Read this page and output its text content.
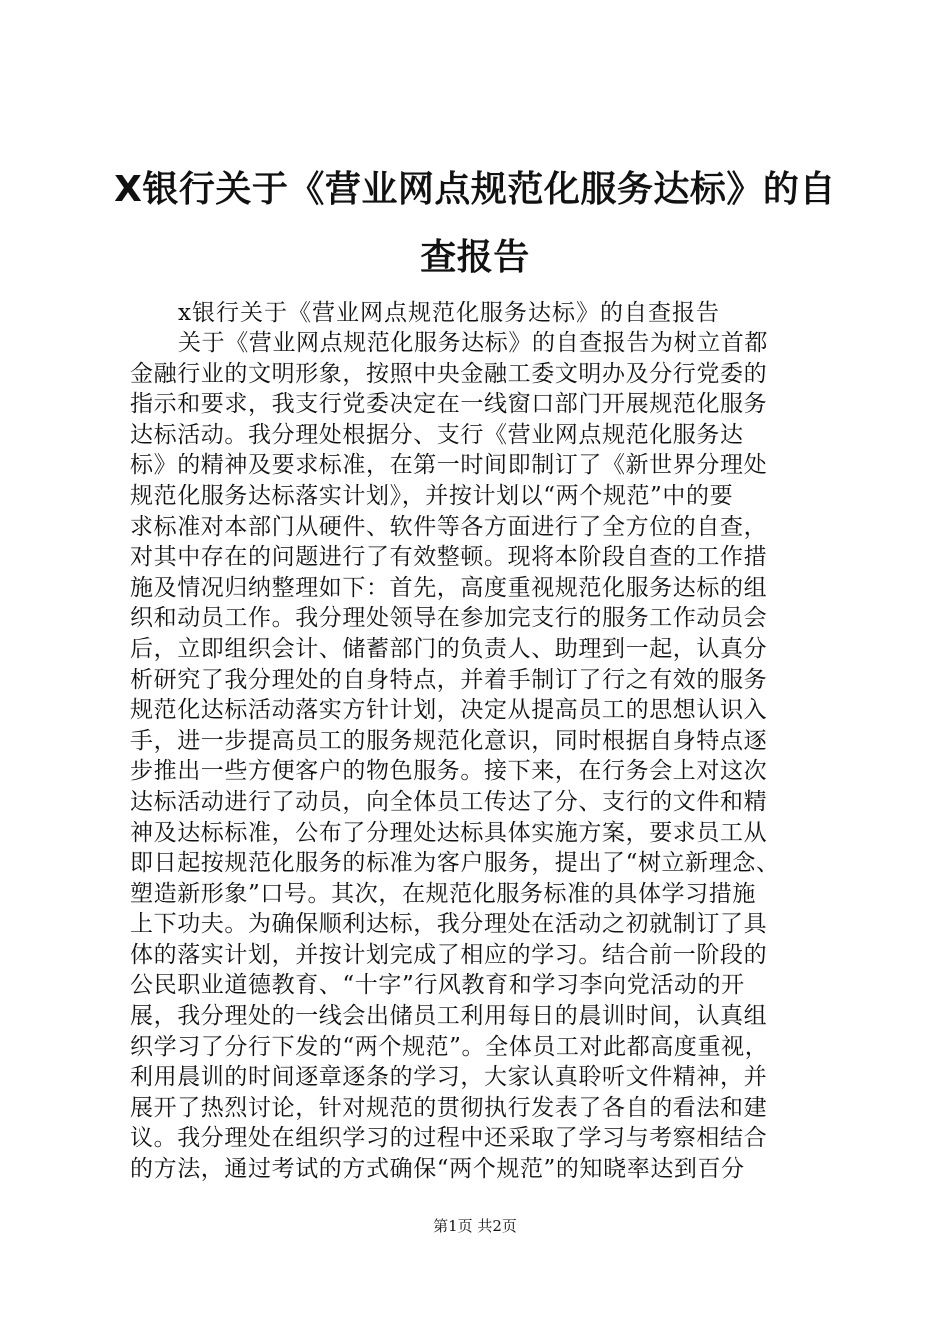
X银行关于《营业网点规范化服务达标》的自
查报告
x银行关于《营业网点规范化服务达标》的自查报告
关于《营业网点规范化服务达标》的自查报告为树立首都
金融行业的文明形象，按照中央金融工委文明办及分行党委的
指示和要求，我支行党委决定在一线窗口部门开展规范化服务
达标活动。我分理处根据分、支行《营业网点规范化服务达
标》的精神及要求标准，在第一时间即制订了《新世界分理处
规范化服务达标落实计划》，并按计划以“两个规范”中的要
求标准对本部门从硬件、软件等各方面进行了全方位的自查，
对其中存在的问题进行了有效整顿。现将本阶段自查的工作措
施及情况归纳整理如下：首先，高度重视规范化服务达标的组
织和动员工作。我分理处领导在参加完支行的服务工作动员会
后，立即组织会计、储蓄部门的负责人、助理到一起，认真分
析研究了我分理处的自身特点，并着手制订了行之有效的服务
规范化达标活动落实方针计划，决定从提高员工的思想认识入
手，进一步提高员工的服务规范化意识，同时根据自身特点逐
步推出一些方便客户的物色服务。接下来，在行务会上对这次
达标活动进行了动员，向全体员工传达了分、支行的文件和精
神及达标标准，公布了分理处达标具体实施方案，要求员工从
即日起按规范化服务的标准为客户服务，提出了“树立新理念、
塑造新形象”口号。其次，在规范化服务标准的具体学习措施
上下功夫。为确保顺利达标，我分理处在活动之初就制订了具
体的落实计划，并按计划完成了相应的学习。结合前一阶段的
公民职业道德教育、“十字”行风教育和学习李向党活动的开
展，我分理处的一线会出储员工利用每日的晨训时间，认真组
织学习了分行下发的“两个规范”。全体员工对此都高度重视，
利用晨训的时间逐章逐条的学习，大家认真聆听文件精神，并
展开了热烈讨论，针对规范的贯彻执行发表了各自的看法和建
议。我分理处在组织学习的过程中还采取了学习与考察相结合
的方法，通过考试的方式确保“两个规范”的知晓率达到百分
第1页 共2页
